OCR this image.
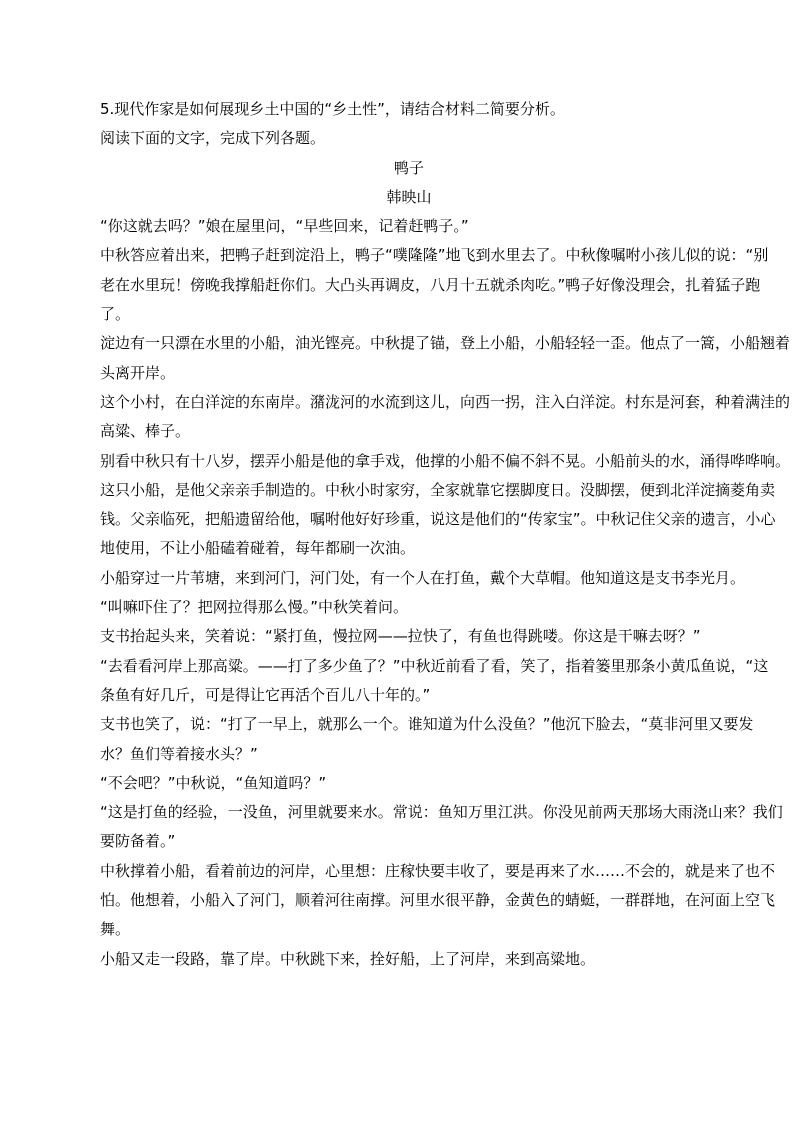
5.现代作家是如何展现乡土中国的“乡土性”，请结合材料二简要分析。
阅读下面的文字，完成下列各题。
鸭子
韩映山
“你这就去吗？”娘在屋里问，“早些回来，记着赶鸭子。”
中秋答应着出来，把鸭子赶到淀沿上，鸭子“噗隆隆”地飞到水里去了。中秋像嘱咐小孩儿似的说：“别
老在水里玩！傍晚我撑船赶你们。大凸头再调皮，八月十五就杀肉吃。”鸭子好像没理会，扎着猛子跑
了。
淀边有一只漂在水里的小船，油光铿亮。中秋提了锚，登上小船，小船轻轻一歪。他点了一篙，小船翘着
头离开岸。
这个小村，在白洋淀的东南岸。潴泷河的水流到这儿，向西一拐，注入白洋淀。村东是河套，种着满洼的
高粱、棒子。
别看中秋只有十八岁，摆弄小船是他的拿手戏，他撑的小船不偏不斜不晃。小船前头的水，涌得哗哗响。
这只小船，是他父亲亲手制造的。中秋小时家穷，全家就靠它摆脚度日。没脚摆，便到北洋淀摘菱角卖
钱。父亲临死，把船遗留给他，嘱咐他好好珍重，说这是他们的“传家宝”。中秋记住父亲的遗言，小心
地使用，不让小船磕着碰着，每年都刷一次油。
小船穿过一片苇塘，来到河门，河门处，有一个人在打鱼，戴个大草帽。他知道这是支书李光月。
“叫嘛吓住了？把网拉得那么慢。”中秋笑着问。
支书抬起头来，笑着说：“紧打鱼，慢拉网——拉快了，有鱼也得跳喽。你这是干嘛去呀？”
“去看看河岸上那高粱。——打了多少鱼了？”中秋近前看了看，笑了，指着篓里那条小黄瓜鱼说，“这
条鱼有好几斤，可是得让它再活个百儿八十年的。”
支书也笑了，说：“打了一早上，就那么一个。谁知道为什么没鱼？”他沉下脸去，“莫非河里又要发
水？鱼们等着接水头？”
“不会吧？”中秋说，“鱼知道吗？”
“这是打鱼的经验，一没鱼，河里就要来水。常说：鱼知万里江洪。你没见前两天那场大雨浇山来？我们
要防备着。”
中秋撑着小船，看着前边的河岸，心里想：庄稼快要丰收了，要是再来了水……不会的，就是来了也不
怕。他想着，小船入了河门，顺着河往南撑。河里水很平静，金黄色的蜻蜓，一群群地，在河面上空飞
舞。
小船又走一段路，靠了岸。中秋跳下来，拴好船，上了河岸，来到高粱地。
